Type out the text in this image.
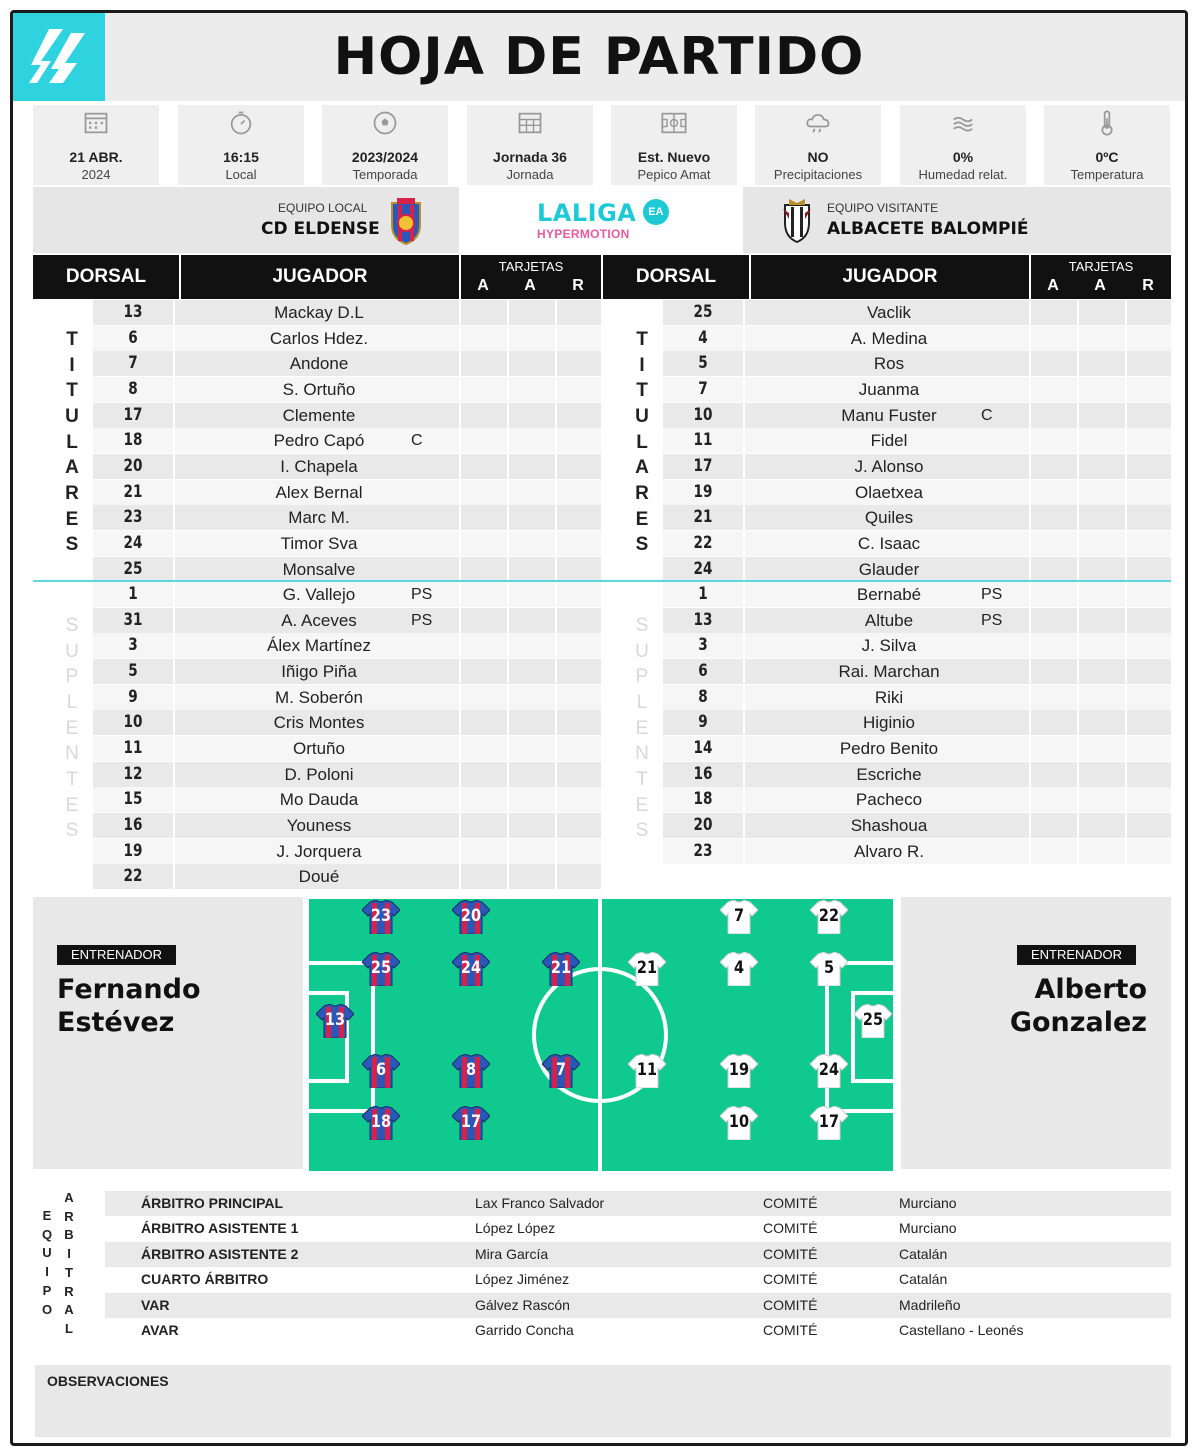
HOJA DE PARTIDO
21 ABR.
2024
16:15
Local
2023/2024
Temporada
Jornada 36
Jornada
Est. Nuevo
Pepico Amat
NO
Precipitaciones
0%
Humedad relat.
0ºC
Temperatura
EQUIPO LOCAL
CD ELDENSE
LALIGA EA
HYPERMOTION
EQUIPO VISITANTE
ALBACETE BALOMPIÉ
DORSAL	JUGADOR	TARJETAS
A A R	DORSAL	JUGADOR	TARJETAS
A A R
13	Mackay D.L
6	Carlos Hdez.
7	Andone
8	S. Ortuño
17	Clemente
18	Pedro Capó	C
20	I. Chapela
21	Alex Bernal
23	Marc M.
24	Timor Sva
25	Monsalve
1	G. Vallejo	PS
31	A. Aceves	PS
3	Álex Martínez
5	Iñigo Piña
9	M. Soberón
10	Cris Montes
11	Ortuño
12	D. Poloni
15	Mo Dauda
16	Youness
19	J. Jorquera
22	Doué
T
I
T
U
L
A
R
E
S
S
U
P
L
E
N
T
E
S
25	Vaclik
4	A. Medina
5	Ros
7	Juanma
10	Manu Fuster	C
11	Fidel
17	J. Alonso
19	Olaetxea
21	Quiles
22	C. Isaac
24	Glauder
1	Bernabé	PS
13	Altube	PS
3	J. Silva
6	Rai. Marchan
8	Riki
9	Higinio
14	Pedro Benito
16	Escriche
18	Pacheco
20	Shashoua
23	Alvaro R.
T
I
T
U
L
A
R
E
S
S
U
P
L
E
N
T
E
S
ENTRENADOR
Fernando
Estévez
ENTRENADOR
Alberto
Gonzalez
23	20
25	24	21
13
6	8	7
18	17
7	22
21	4	5
25
11	19	24
10	17
ÁRBITRO PRINCIPAL	Lax Franco Salvador	COMITÉ	Murciano
ÁRBITRO ASISTENTE 1	López López	COMITÉ	Murciano
ÁRBITRO ASISTENTE 2	Mira García	COMITÉ	Catalán
CUARTO ÁRBITRO	López Jiménez	COMITÉ	Catalán
VAR	Gálvez Rascón	COMITÉ	Madrileño
AVAR	Garrido Concha	COMITÉ	Castellano - Leonés
E
Q
U
I
P
O
A
R
B
I
T
R
A
L
OBSERVACIONES
